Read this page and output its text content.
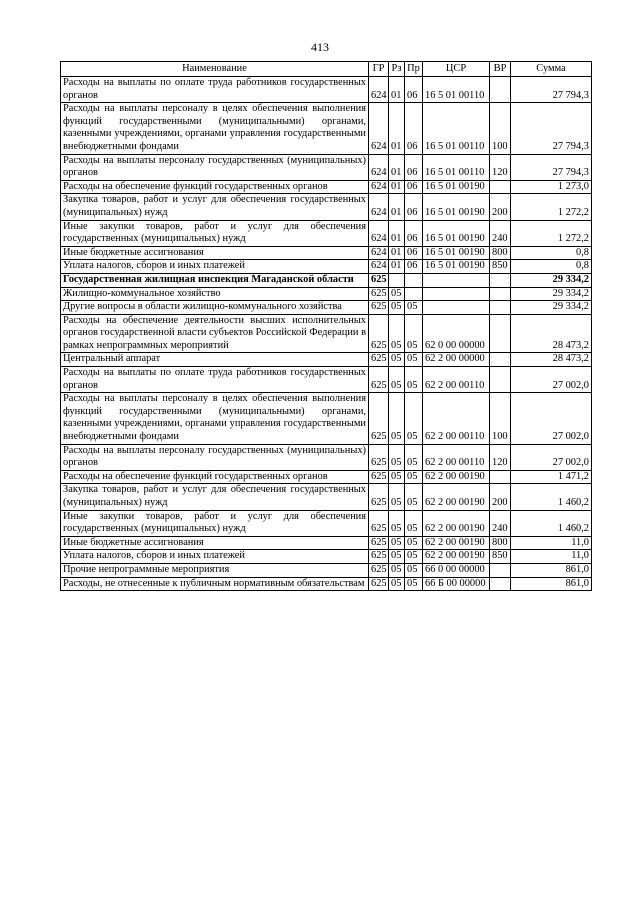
413
Наименование	ГР	Рз	Пр	ЦСР	ВР	Сумма
Расходы на выплаты по оплате труда работников государственных органов	624	01	06	16 5 01 00110		27 794,3
Расходы на выплаты персоналу в целях обеспечения выполнения функций государственными (муниципальными) органами, казенными учреждениями, органами управления государственными внебюджетными фондами	624	01	06	16 5 01 00110	100	27 794,3
Расходы на выплаты персоналу государственных (муниципальных) органов	624	01	06	16 5 01 00110	120	27 794,3
Расходы на обеспечение функций государственных органов	624	01	06	16 5 01 00190		1 273,0
Закупка товаров, работ и услуг для обеспечения государственных (муниципальных) нужд	624	01	06	16 5 01 00190	200	1 272,2
Иные закупки товаров, работ и услуг для обеспечения государственных (муниципальных) нужд	624	01	06	16 5 01 00190	240	1 272,2
Иные бюджетные ассигнования	624	01	06	16 5 01 00190	800	0,8
Уплата налогов, сборов и иных платежей	624	01	06	16 5 01 00190	850	0,8
Государственная жилищная инспекция Магаданской области	625					29 334,2
Жилищно-коммунальное хозяйство	625	05				29 334,2
Другие вопросы в области жилищно-коммунального хозяйства	625	05	05			29 334,2
Расходы на обеспечение деятельности высших исполнительных органов государственной власти субъектов Российской Федерации в рамках непрограммных мероприятий	625	05	05	62 0 00 00000		28 473,2
Центральный аппарат	625	05	05	62 2 00 00000		28 473,2
Расходы на выплаты по оплате труда работников государственных органов	625	05	05	62 2 00 00110		27 002,0
Расходы на выплаты персоналу в целях обеспечения выполнения функций государственными (муниципальными) органами, казенными учреждениями, органами управления государственными внебюджетными фондами	625	05	05	62 2 00 00110	100	27 002,0
Расходы на выплаты персоналу государственных (муниципальных) органов	625	05	05	62 2 00 00110	120	27 002,0
Расходы на обеспечение функций государственных органов	625	05	05	62 2 00 00190		1 471,2
Закупка товаров, работ и услуг для обеспечения государственных (муниципальных) нужд	625	05	05	62 2 00 00190	200	1 460,2
Иные закупки товаров, работ и услуг для обеспечения государственных (муниципальных) нужд	625	05	05	62 2 00 00190	240	1 460,2
Иные бюджетные ассигнования	625	05	05	62 2 00 00190	800	11,0
Уплата налогов, сборов и иных платежей	625	05	05	62 2 00 00190	850	11,0
Прочие непрограммные мероприятия	625	05	05	66 0 00 00000		861,0
Расходы, не отнесенные к публичным нормативным обязательствам	625	05	05	66 Б 00 00000		861,0
